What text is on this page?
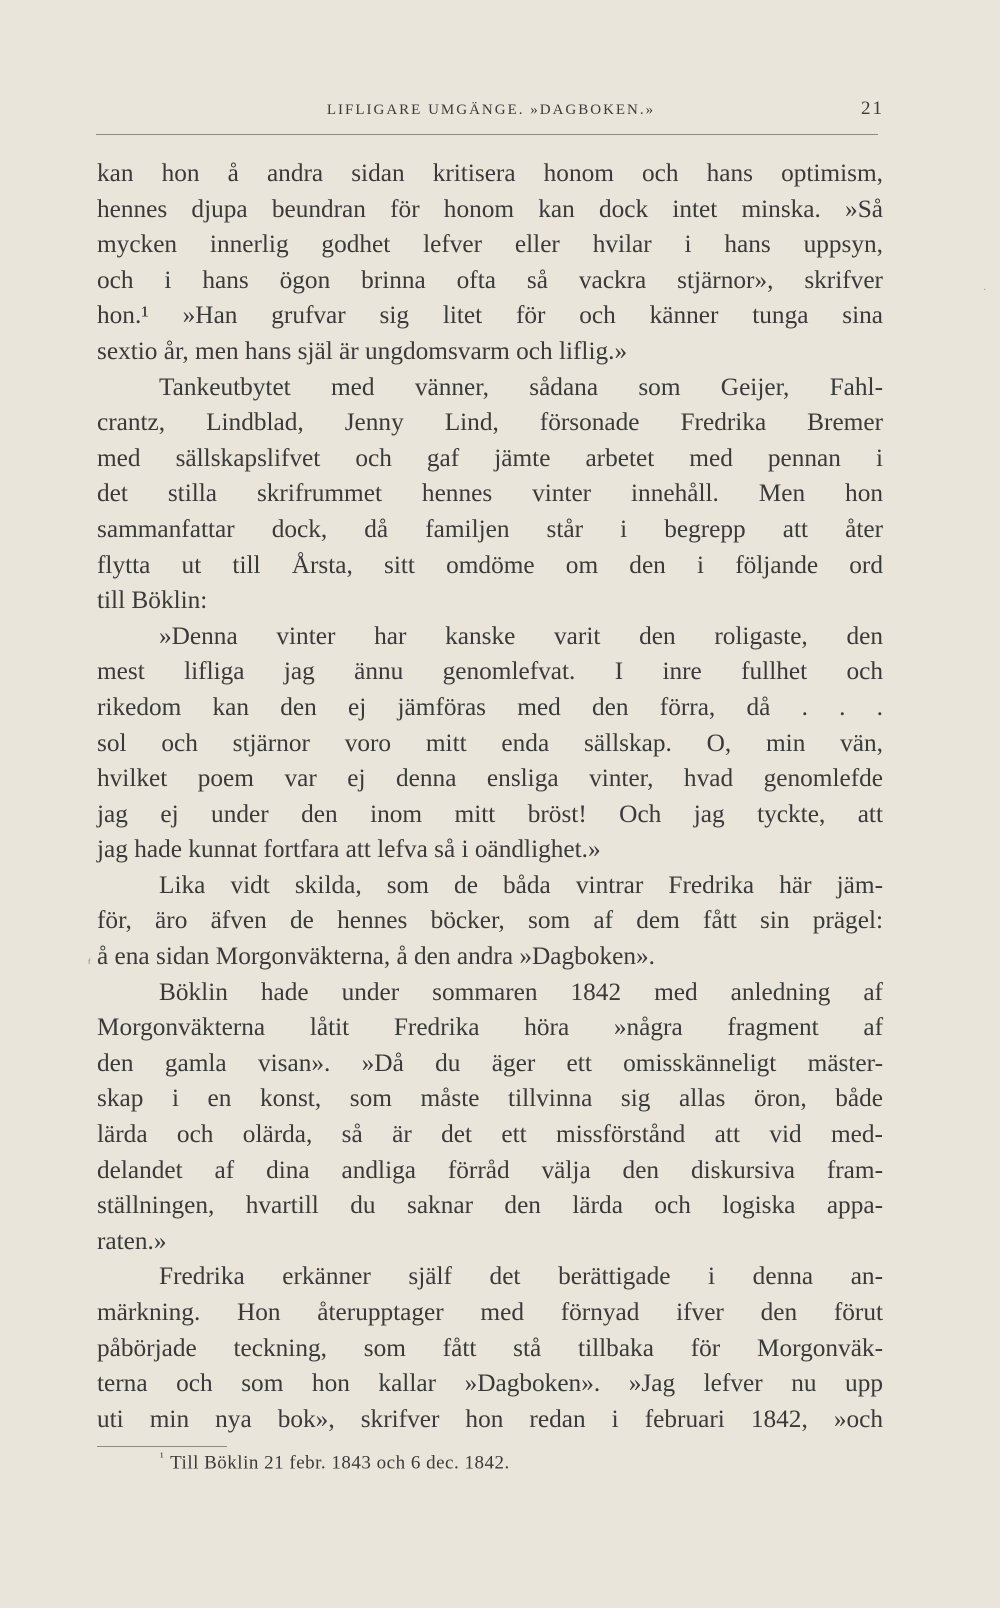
LIFLIGARE UMGÄNGE. »DAGBOKEN.»	21
kan hon å andra sidan kritisera honom och hans optimism,
hennes djupa beundran för honom kan dock intet minska. »Så
mycken innerlig godhet lefver eller hvilar i hans uppsyn,
och i hans ögon brinna ofta så vackra stjärnor», skrifver
hon.¹ »Han grufvar sig litet för och känner tunga sina
sextio år, men hans själ är ungdomsvarm och liflig.»
Tankeutbytet med vänner, sådana som Geijer, Fahl-
crantz, Lindblad, Jenny Lind, försonade Fredrika Bremer
med sällskapslifvet och gaf jämte arbetet med pennan i
det stilla skrifrummet hennes vinter innehåll. Men hon
sammanfattar dock, då familjen står i begrepp att åter
flytta ut till Årsta, sitt omdöme om den i följande ord
till Böklin:
»Denna vinter har kanske varit den roligaste, den
mest lifliga jag ännu genomlefvat. I inre fullhet och
rikedom kan den ej jämföras med den förra, då . . .
sol och stjärnor voro mitt enda sällskap. O, min vän,
hvilket poem var ej denna ensliga vinter, hvad genomlefde
jag ej under den inom mitt bröst! Och jag tyckte, att
jag hade kunnat fortfara att lefva så i oändlighet.»
Lika vidt skilda, som de båda vintrar Fredrika här jäm-
för, äro äfven de hennes böcker, som af dem fått sin prägel:
å ena sidan Morgonväkterna, å den andra »Dagboken».
Böklin hade under sommaren 1842 med anledning af
Morgonväkterna låtit Fredrika höra »några fragment af
den gamla visan». »Då du äger ett omisskänneligt mäster-
skap i en konst, som måste tillvinna sig allas öron, både
lärda och olärda, så är det ett missförstånd att vid med-
delandet af dina andliga förråd välja den diskursiva fram-
ställningen, hvartill du saknar den lärda och logiska appa-
raten.»
Fredrika erkänner själf det berättigade i denna an-
märkning. Hon återupptager med förnyad ifver den förut
påbörjade teckning, som fått stå tillbaka för Morgonväk-
terna och som hon kallar »Dagboken». »Jag lefver nu upp
uti min nya bok», skrifver hon redan i februari 1842, »och
$^{^1}$ Till Böklin 21 febr. 1843 och 6 dec. 1842.
ᶠ
·
